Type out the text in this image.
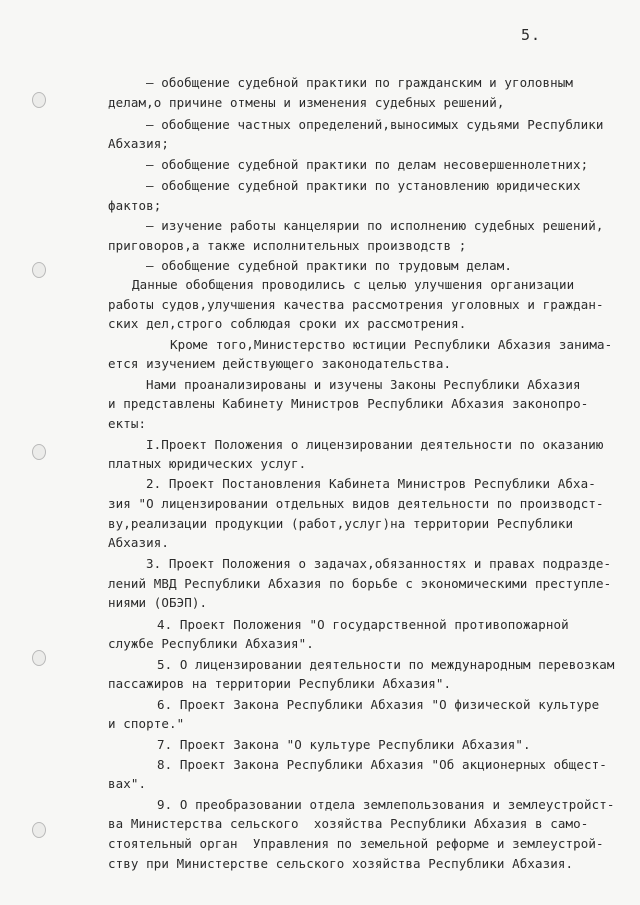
5.
– обобщение судебной практики по гражданским и уголовным
делам,о причине отмены и изменения судебных решений,
– обобщение частных определений,выносимых судьями Республики
Абхазия;
– обобщение судебной практики по делам несовершеннолетних;
– обобщение судебной практики по установлению юридических
фактов;
– изучение работы канцелярии по исполнению судебных решений,
приговоров,а также исполнительных производств ;
– обобщение судебной практики по трудовым делам.
Данные обобщения проводились с целью улучшения организации
работы судов,улучшения качества рассмотрения уголовных и граждан-
ских дел,строго соблюдая сроки их рассмотрения.
Кроме того,Министерство юстиции Республики Абхазия занима-
ется изучением действующего законодательства.
Нами проанализированы и изучены Законы Республики Абхазия
и представлены Кабинету Министров Республики Абхазия законопро-
екты:
I.Проект Положения о лицензировании деятельности по оказанию
платных юридических услуг.
2. Проект Постановления Кабинета Министров Республики Абха-
зия "О лицензировании отдельных видов деятельности по производст-
ву,реализации продукции (работ,услуг)на территории Республики
Абхазия.
3. Проект Положения о задачах,обязанностях и правах подразде-
лений МВД Республики Абхазия по борьбе с экономическими преступле-
ниями (ОБЭП).
4. Проект Положения "О государственной противопожарной
службе Республики Абхазия".
5. О лицензировании деятельности по международным перевозкам
пассажиров на территории Республики Абхазия".
6. Проект Закона Республики Абхазия "О физической культуре
и спорте."
7. Проект Закона "О культуре Республики Абхазия".
8. Проект Закона Республики Абхазия "Об акционерных общест-
вах".
9. О преобразовании отдела землепользования и землеустройст-
ва Министерства сельского  хозяйства Республики Абхазия в само-
стоятельный орган  Управления по земельной реформе и землеустрой-
ству при Министерстве сельского хозяйства Республики Абхазия.
